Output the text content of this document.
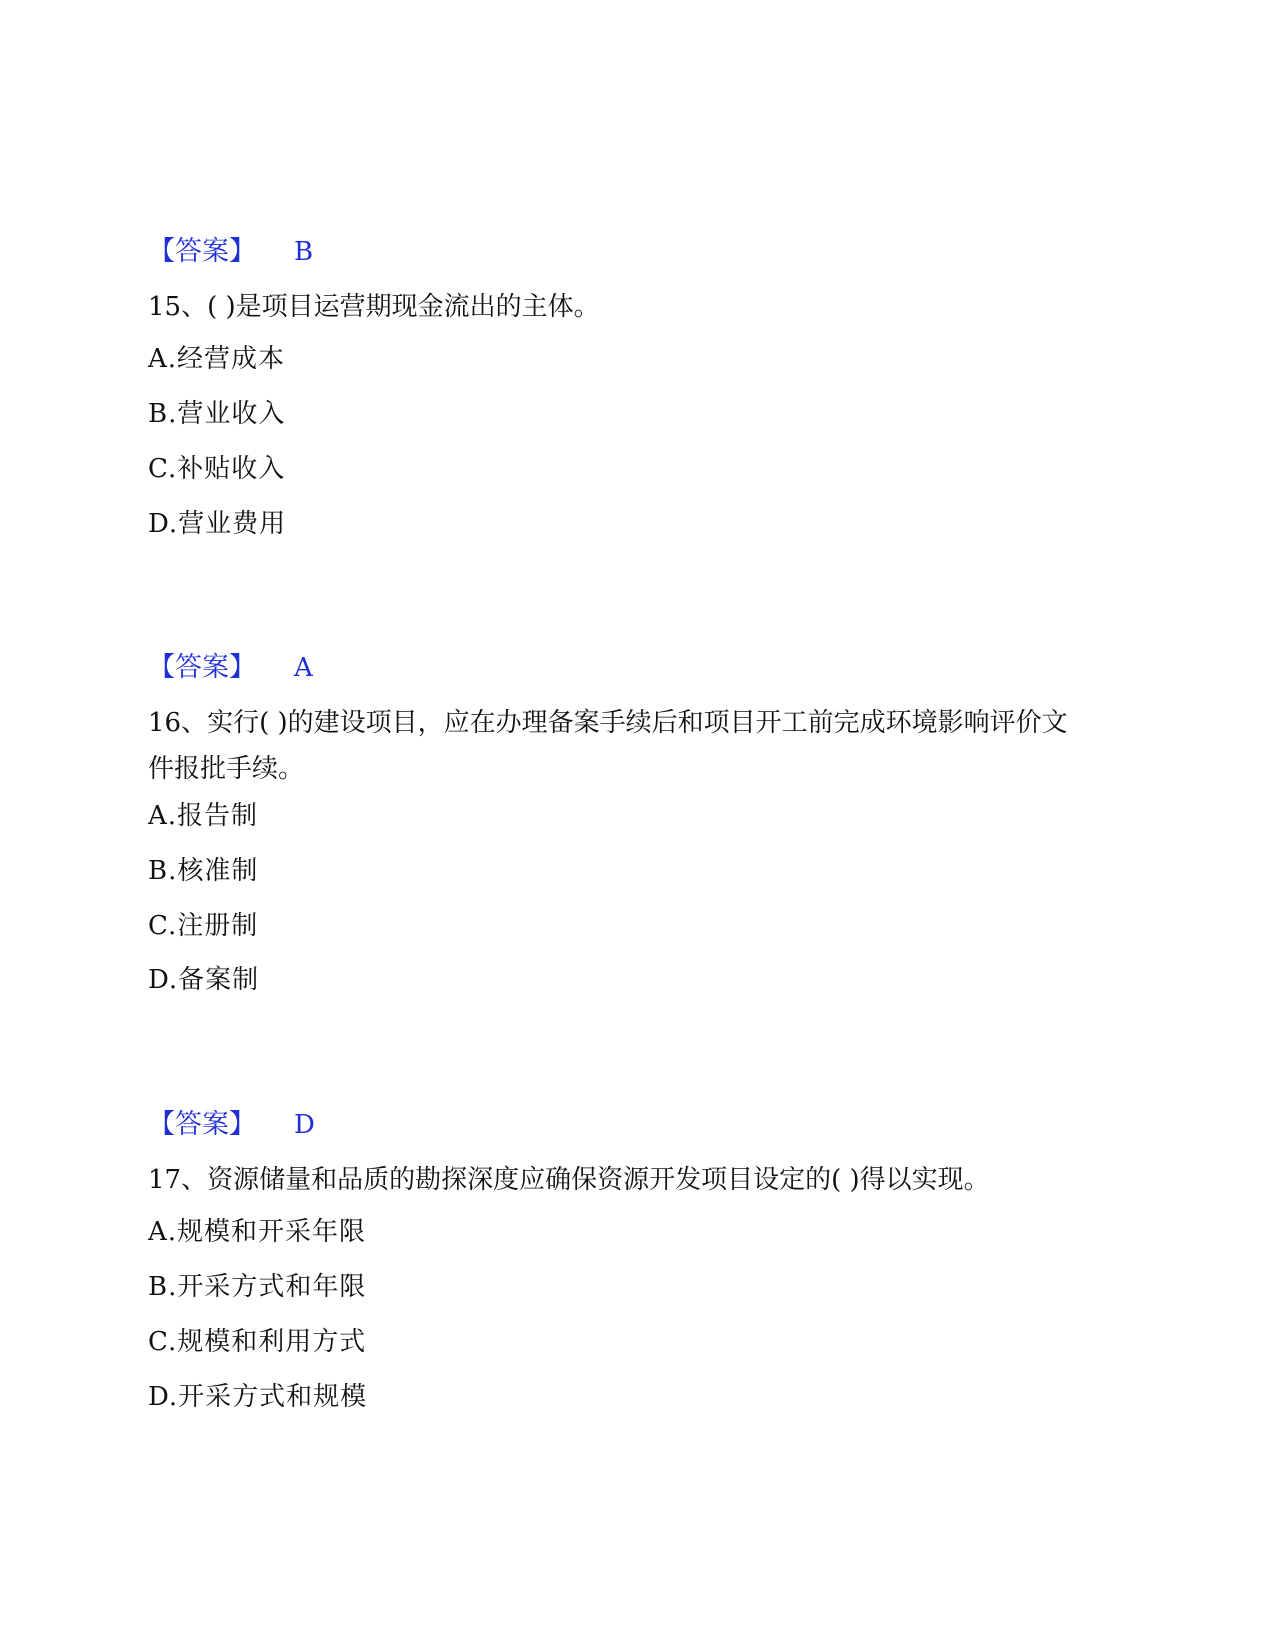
【答案】 B
15、( )是项目运营期现金流出的主体。
A.经营成本
B.营业收入
C.补贴收入
D.营业费用
【答案】 A
16、实行( )的建设项目，应在办理备案手续后和项目开工前完成环境影响评价文件报批手续。
A.报告制
B.核准制
C.注册制
D.备案制
【答案】 D
17、资源储量和品质的勘探深度应确保资源开发项目设定的( )得以实现。
A.规模和开采年限
B.开采方式和年限
C.规模和利用方式
D.开采方式和规模
